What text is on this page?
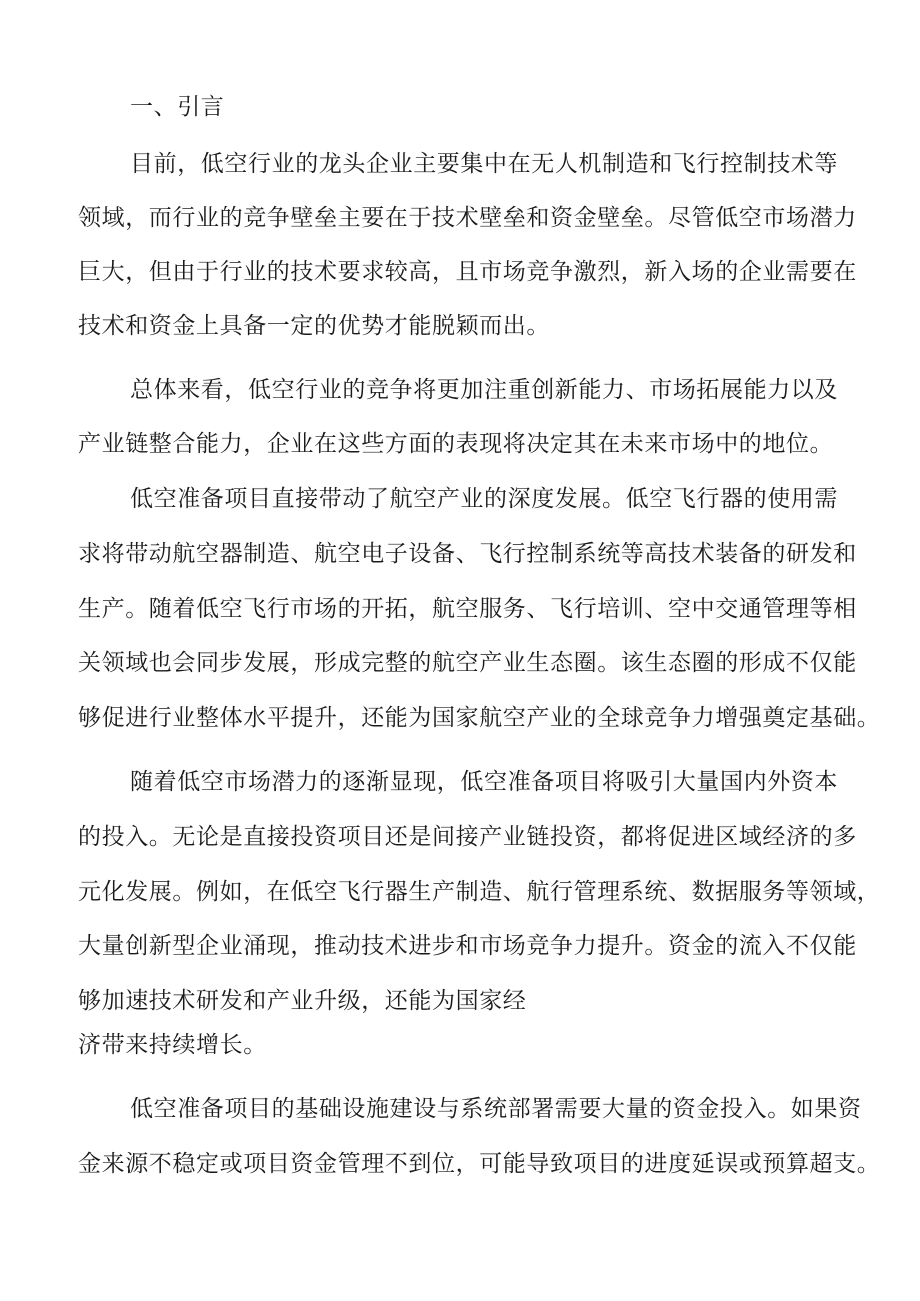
一、引言
目前，低空行业的龙头企业主要集中在无人机制造和飞行控制技术等
领域，而行业的竞争壁垒主要在于技术壁垒和资金壁垒。尽管低空市场潜力
巨大，但由于行业的技术要求较高，且市场竞争激烈，新入场的企业需要在
技术和资金上具备一定的优势才能脱颖而出。
总体来看，低空行业的竞争将更加注重创新能力、市场拓展能力以及
产业链整合能力，企业在这些方面的表现将决定其在未来市场中的地位。
低空准备项目直接带动了航空产业的深度发展。低空飞行器的使用需
求将带动航空器制造、航空电子设备、飞行控制系统等高技术装备的研发和
生产。随着低空飞行市场的开拓，航空服务、飞行培训、空中交通管理等相
关领域也会同步发展，形成完整的航空产业生态圈。该生态圈的形成不仅能
够促进行业整体水平提升，还能为国家航空产业的全球竞争力增强奠定基础。
随着低空市场潜力的逐渐显现，低空准备项目将吸引大量国内外资本
的投入。无论是直接投资项目还是间接产业链投资，都将促进区域经济的多
元化发展。例如，在低空飞行器生产制造、航行管理系统、数据服务等领域，
大量创新型企业涌现，推动技术进步和市场竞争力提升。资金的流入不仅能
够加速技术研发和产业升级，还能为国家经
济带来持续增长。
低空准备项目的基础设施建设与系统部署需要大量的资金投入。如果资
金来源不稳定或项目资金管理不到位，可能导致项目的进度延误或预算超支。
